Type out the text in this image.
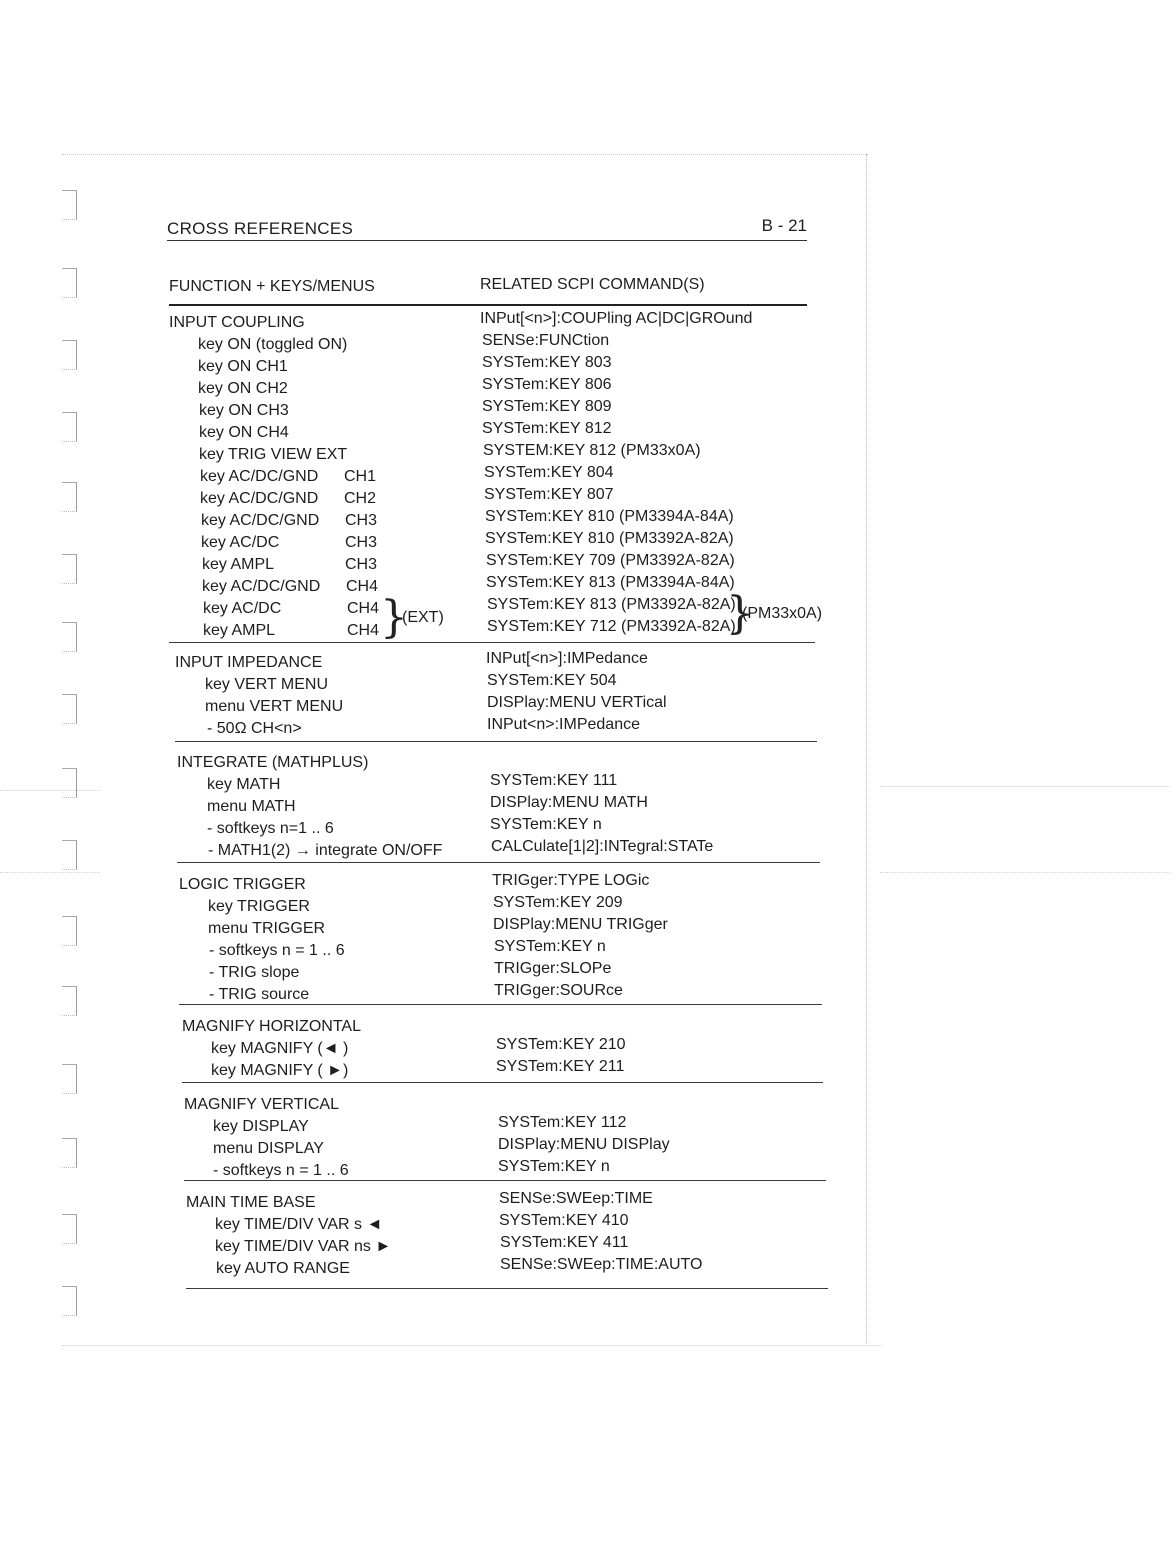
CROSS REFERENCES	B - 21
FUNCTION + KEYS/MENUS	RELATED SCPI COMMAND(S)
INPUT COUPLING	INPut[<n>]:COUPling AC|DC|GROund
key ON (toggled ON)	SENSe:FUNCtion
key ON CH1	SYSTem:KEY 803
key ON CH2	SYSTem:KEY 806
key ON CH3	SYSTem:KEY 809
key ON CH4	SYSTem:KEY 812
key TRIG VIEW EXT	SYSTEM:KEY 812 (PM33x0A)
key AC/DC/GND CH1	SYSTem:KEY 804
key AC/DC/GND CH2	SYSTem:KEY 807
key AC/DC/GND CH3	SYSTem:KEY 810 (PM3394A-84A)
key AC/DC	CH3	SYSTem:KEY 810 (PM3392A-82A)
key AMPL	CH3	SYSTem:KEY 709 (PM3392A-82A)
key AC/DC/GND CH4	SYSTem:KEY 813 (PM3394A-84A)
key AC/DC	CH4	SYSTem:KEY 813 (PM3392A-82A)
key AMPL	CH4	SYSTem:KEY 712 (PM3392A-82A)
}
(EXT)	}
(PM33x0A)
INPUT IMPEDANCE	INPut[<n>]:IMPedance
key VERT MENU	SYSTem:KEY 504
menu VERT MENU	DISPlay:MENU VERTical
- 50Ω CH<n>	INPut<n>:IMPedance
INTEGRATE (MATHPLUS)
key MATH	SYSTem:KEY 111
menu MATH	DISPlay:MENU MATH
- softkeys n=1 .. 6	SYSTem:KEY n
- MATH1(2) → integrate ON/OFF	CALCulate[1|2]:INTegral:STATe
LOGIC TRIGGER	TRIGger:TYPE LOGic
key TRIGGER	SYSTem:KEY 209
menu TRIGGER	DISPlay:MENU TRIGger
- softkeys n = 1 .. 6	SYSTem:KEY n
- TRIG slope	TRIGger:SLOPe
- TRIG source	TRIGger:SOURce
MAGNIFY HORIZONTAL
key MAGNIFY (◄ )	SYSTem:KEY 210
key MAGNIFY ( ►)	SYSTem:KEY 211
MAGNIFY VERTICAL
key DISPLAY	SYSTem:KEY 112
menu DISPLAY	DISPlay:MENU DISPlay
- softkeys n = 1 .. 6	SYSTem:KEY n
MAIN TIME BASE	SENSe:SWEep:TIME
key TIME/DIV VAR s ◄	SYSTem:KEY 410
key TIME/DIV VAR ns ►	SYSTem:KEY 411
key AUTO RANGE	SENSe:SWEep:TIME:AUTO
